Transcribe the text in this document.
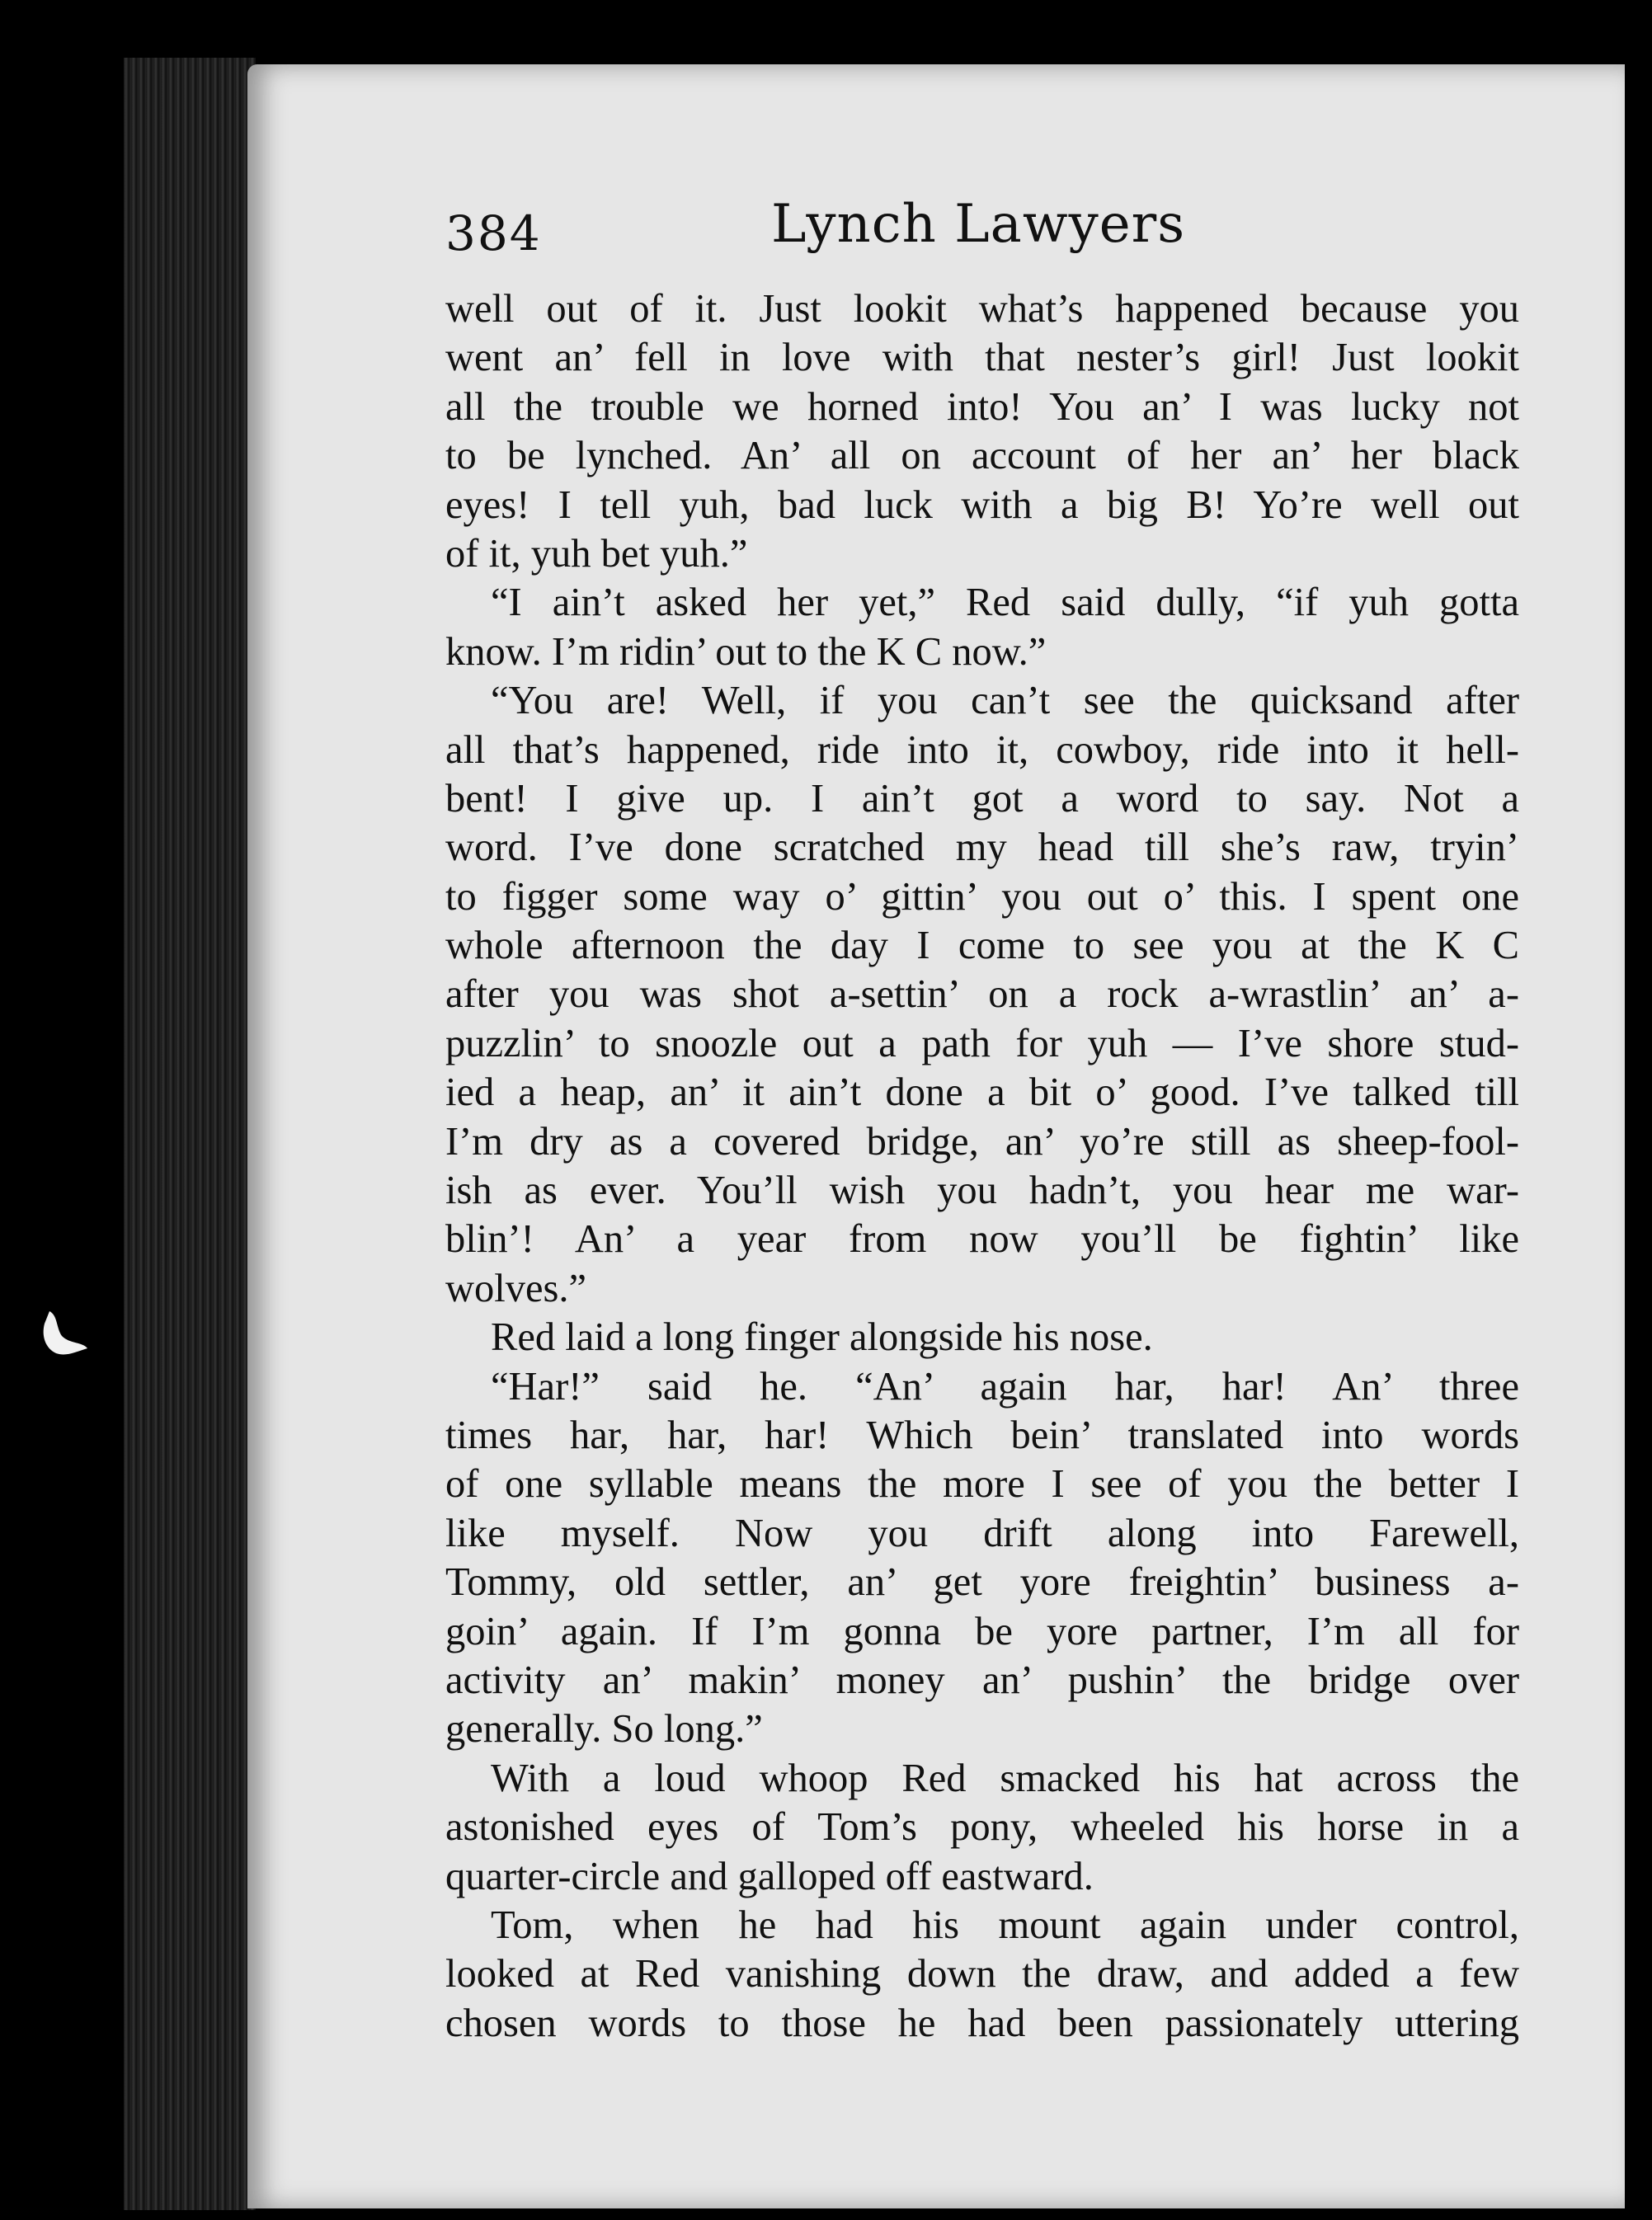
384	Lynch Lawyers
well out of it. Just lookit what’s happened because you
went an’ fell in love with that nester’s girl! Just lookit
all the trouble we horned into! You an’ I was lucky not
to be lynched. An’ all on account of her an’ her black
eyes! I tell yuh, bad luck with a big B! Yo’re well out
of it, yuh bet yuh.”
“I ain’t asked her yet,” Red said dully, “if yuh gotta
know. I’m ridin’ out to the K C now.”
“You are! Well, if you can’t see the quicksand after
all that’s happened, ride into it, cowboy, ride into it hell-
bent! I give up. I ain’t got a word to say. Not a
word. I’ve done scratched my head till she’s raw, tryin’
to figger some way o’ gittin’ you out o’ this. I spent one
whole afternoon the day I come to see you at the K C
after you was shot a-settin’ on a rock a-wrastlin’ an’ a-
puzzlin’ to snoozle out a path for yuh — I’ve shore stud-
ied a heap, an’ it ain’t done a bit o’ good. I’ve talked till
I’m dry as a covered bridge, an’ yo’re still as sheep-fool-
ish as ever. You’ll wish you hadn’t, you hear me war-
blin’! An’ a year from now you’ll be fightin’ like
wolves.”
Red laid a long finger alongside his nose.
“Har!” said he. “An’ again har, har! An’ three
times har, har, har! Which bein’ translated into words
of one syllable means the more I see of you the better I
like myself. Now you drift along into Farewell,
Tommy, old settler, an’ get yore freightin’ business a-
goin’ again. If I’m gonna be yore partner, I’m all for
activity an’ makin’ money an’ pushin’ the bridge over
generally. So long.”
With a loud whoop Red smacked his hat across the
astonished eyes of Tom’s pony, wheeled his horse in a
quarter-circle and galloped off eastward.
Tom, when he had his mount again under control,
looked at Red vanishing down the draw, and added a few
chosen words to those he had been passionately uttering
